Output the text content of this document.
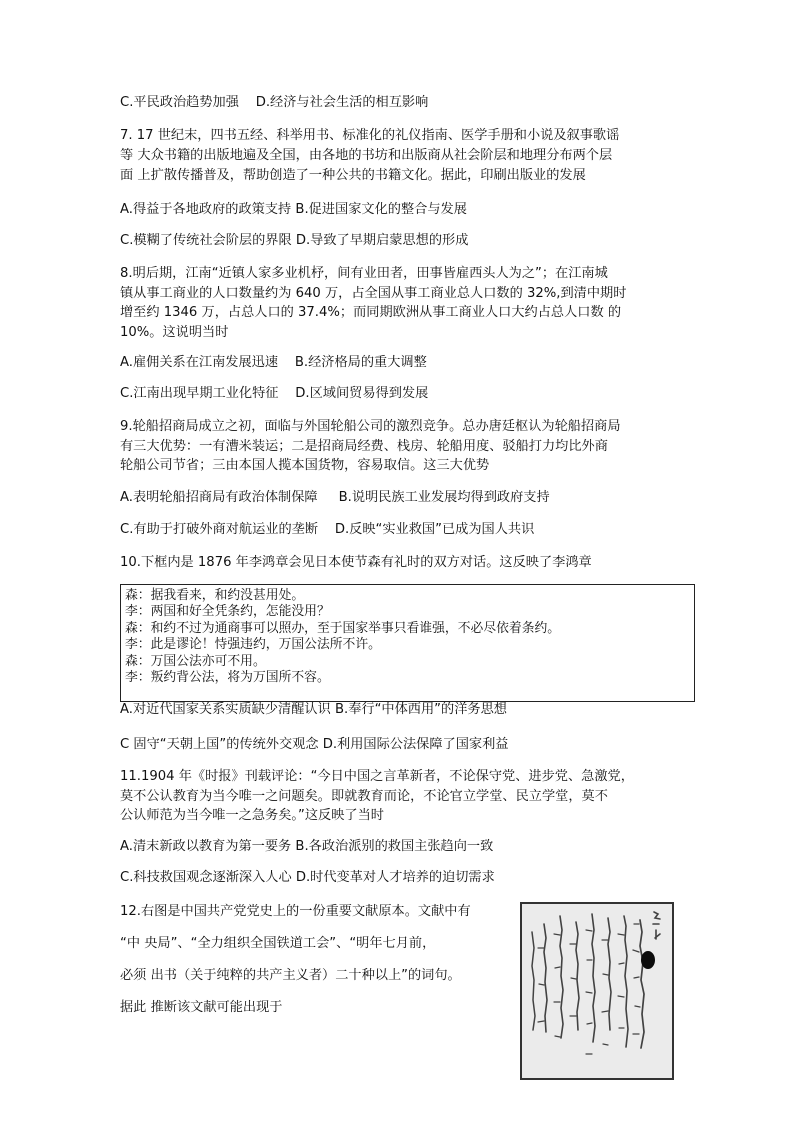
C.平民政治趋势加强 D.经济与社会生活的相互影响
7. 17 世纪末，四书五经、科举用书、标准化的礼仪指南、医学手册和小说及叙事歌谣
等 大众书籍的出版地遍及全国，由各地的书坊和出版商从社会阶层和地理分布两个层
面 上扩散传播普及，帮助创造了一种公共的书籍文化。据此，印刷出版业的发展
A.得益于各地政府的政策支持 B.促进国家文化的整合与发展
C.模糊了传统社会阶层的界限 D.导致了早期启蒙思想的形成
8.明后期，江南“近镇人家多业机杼，间有业田者，田事皆雇西头人为之”；在江南城
镇从事工商业的人口数量约为 640 万，占全国从事工商业总人口数的 32%,到清中期时
增至约 1346 万，占总人口的 37.4%；而同期欧洲从事工商业人口大约占总人口数 的
10%。这说明当时
A.雇佣关系在江南发展迅速 B.经济格局的重大调整
C.江南出现早期工业化特征 D.区域间贸易得到发展
9.轮船招商局成立之初，面临与外国轮船公司的激烈竞争。总办唐廷枢认为轮船招商局
有三大优势：一有漕米装运；二是招商局经费、栈房、轮船用度、驳船打力均比外商
轮船公司节省；三由本国人揽本国货物，容易取信。这三大优势
A.表明轮船招商局有政治体制保障 B.说明民族工业发展均得到政府支持
C.有助于打破外商对航运业的垄断 D.反映“实业救国”已成为国人共识
10.下框内是 1876 年李鸿章会见日本使节森有礼时的双方对话。这反映了李鸿章
森：据我看来，和约没甚用处。
李：两国和好全凭条约，怎能没用？
森：和约不过为通商事可以照办，至于国家举事只看谁强，不必尽依着条约。
李：此是谬论！恃强违约，万国公法所不许。
森：万国公法亦可不用。
李：叛约背公法，将为万国所不容。
A.对近代国家关系实质缺少清醒认识 B.奉行“中体西用”的洋务思想
C 固守“天朝上国”的传统外交观念 D.利用国际公法保障了国家利益
11.1904 年《时报》刊载评论：“今日中国之言革新者，不论保守党、进步党、急激党，
莫不公认教育为当今唯一之问题矣。即就教育而论，不论官立学堂、民立学堂，莫不
公认师范为当今唯一之急务矣。”这反映了当时
A.清末新政以教育为第一要务 B.各政治派别的救国主张趋向一致
C.科技救国观念逐渐深入人心 D.时代变革对人才培养的迫切需求
12.右图是中国共产党党史上的一份重要文献原本。文献中有
“中 央局”、“全力组织全国铁道工会”、“明年七月前，
必须 出书（关于纯粹的共产主义者）二十种以上”的词句。
据此 推断该文献可能出现于
